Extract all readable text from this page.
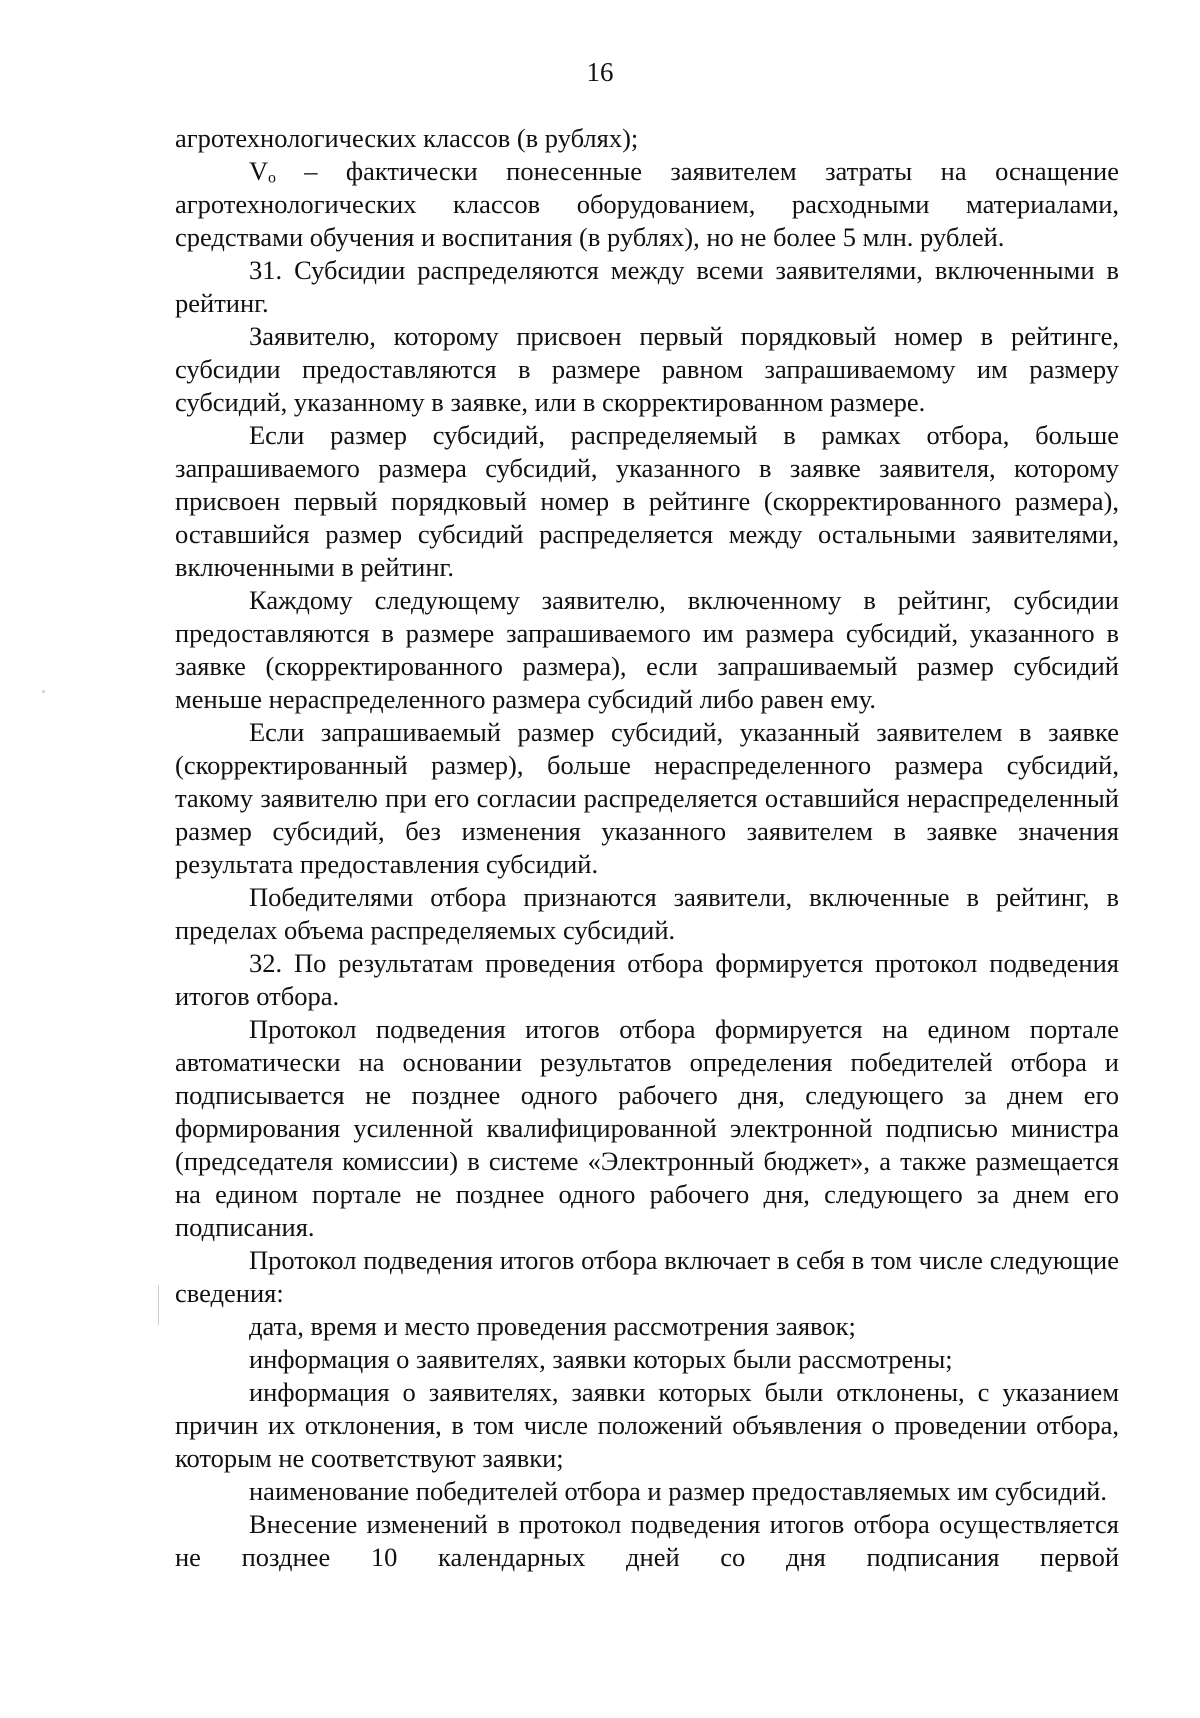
16

агротехнологических классов (в рублях);

Vₒ – фактически понесенные заявителем затраты на оснащение агротехнологических классов оборудованием, расходными материалами, средствами обучения и воспитания (в рублях), но не более 5 млн. рублей.

31. Субсидии распределяются между всеми заявителями, включенными в рейтинг.

Заявителю, которому присвоен первый порядковый номер в рейтинге, субсидии предоставляются в размере равном запрашиваемому им размеру субсидий, указанному в заявке, или в скорректированном размере.

Если размер субсидий, распределяемый в рамках отбора, больше запрашиваемого размера субсидий, указанного в заявке заявителя, которому присвоен первый порядковый номер в рейтинге (скорректированного размера), оставшийся размер субсидий распределяется между остальными заявителями, включенными в рейтинг.

Каждому следующему заявителю, включенному в рейтинг, субсидии предоставляются в размере запрашиваемого им размера субсидий, указанного в заявке (скорректированного размера), если запрашиваемый размер субсидий меньше нераспределенного размера субсидий либо равен ему.

Если запрашиваемый размер субсидий, указанный заявителем в заявке (скорректированный размер), больше нераспределенного размера субсидий, такому заявителю при его согласии распределяется оставшийся нераспределенный размер субсидий, без изменения указанного заявителем в заявке значения результата предоставления субсидий.

Победителями отбора признаются заявители, включенные в рейтинг, в пределах объема распределяемых субсидий.

32. По результатам проведения отбора формируется протокол подведения итогов отбора.

Протокол подведения итогов отбора формируется на едином портале автоматически на основании результатов определения победителей отбора и подписывается не позднее одного рабочего дня, следующего за днем его формирования усиленной квалифицированной электронной подписью министра (председателя комиссии) в системе «Электронный бюджет», а также размещается на едином портале не позднее одного рабочего дня, следующего за днем его подписания.

Протокол подведения итогов отбора включает в себя в том числе следующие сведения:

дата, время и место проведения рассмотрения заявок;

информация о заявителях, заявки которых были рассмотрены;

информация о заявителях, заявки которых были отклонены, с указанием причин их отклонения, в том числе положений объявления о проведении отбора, которым не соответствуют заявки;

наименование победителей отбора и размер предоставляемых им субсидий.

Внесение изменений в протокол подведения итогов отбора осуществляется не позднее 10 календарных дней со дня подписания первой
